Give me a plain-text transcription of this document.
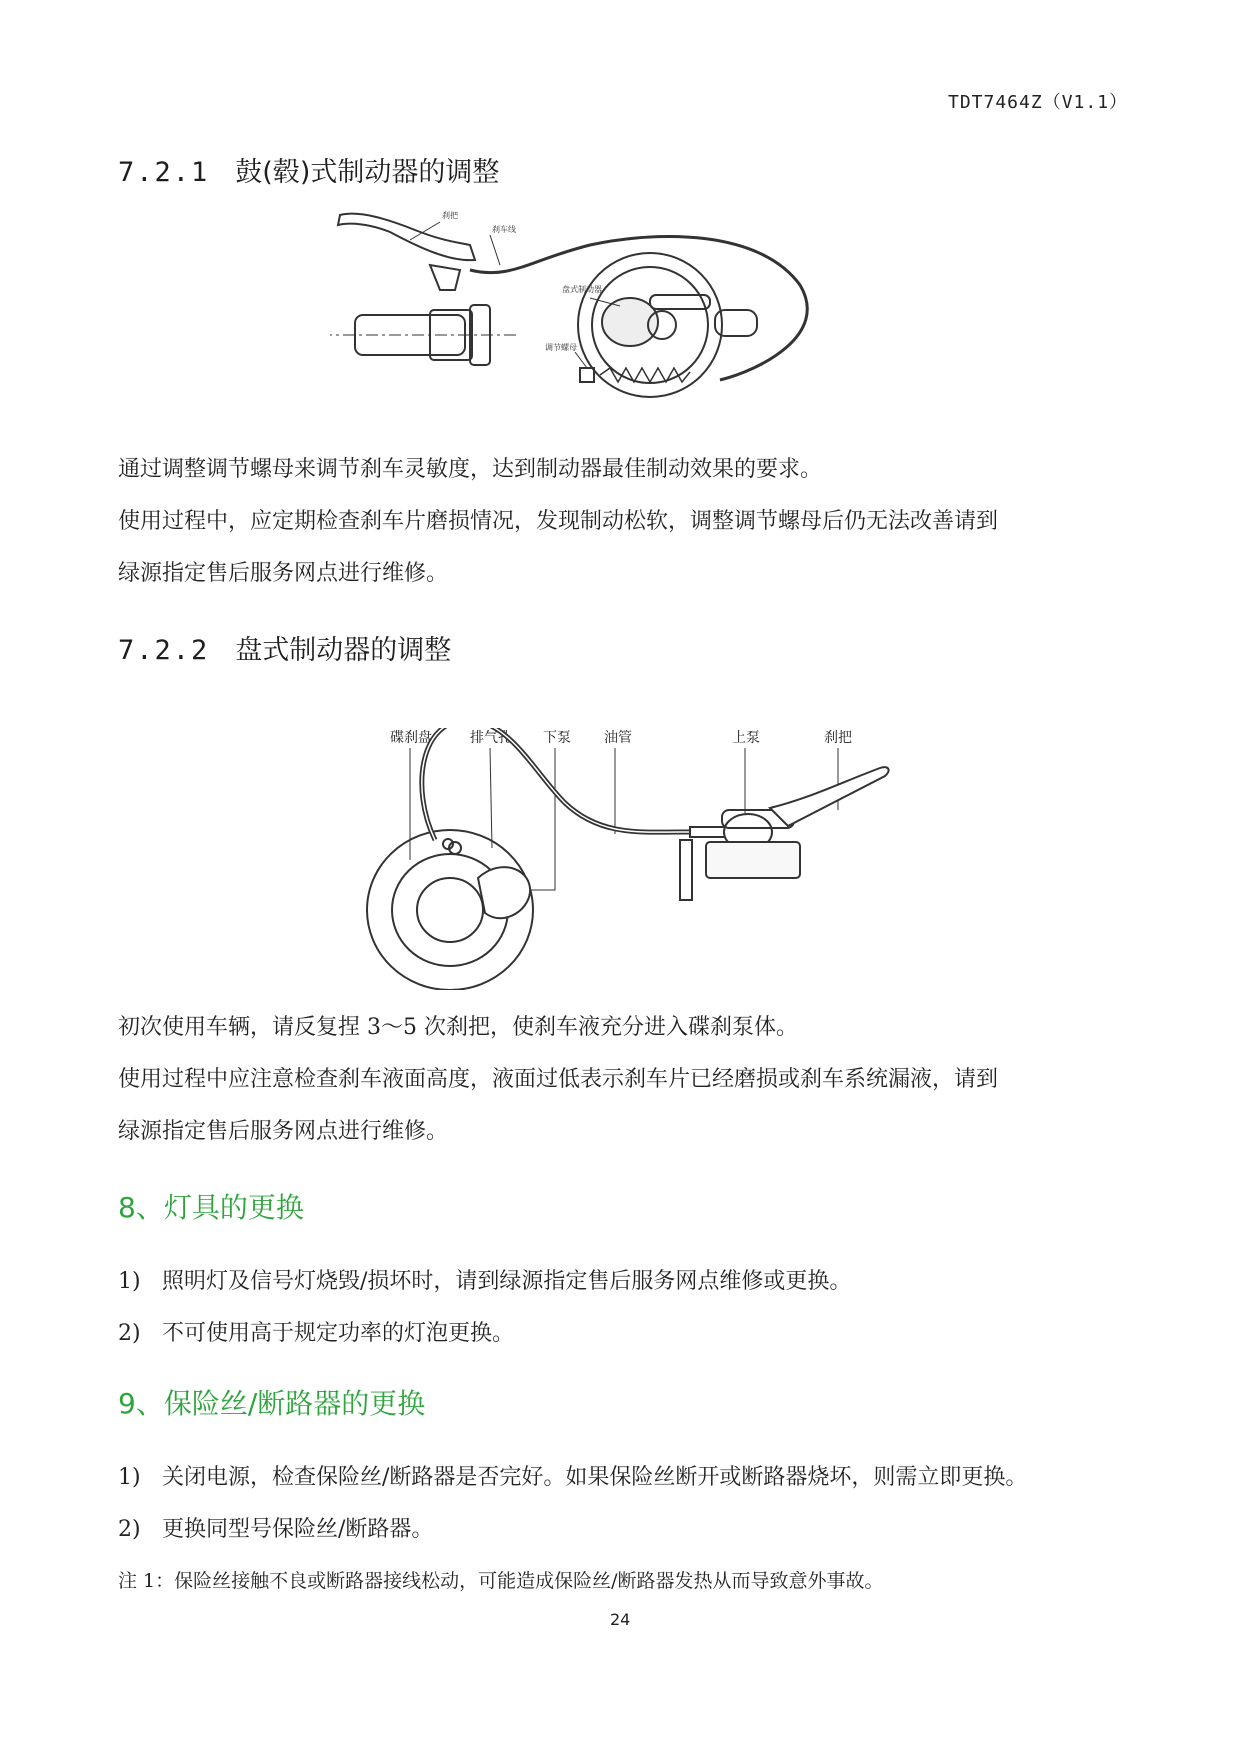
TDT7464Z（V1.1）
7.2.1 鼓(毂)式制动器的调整
刹把
刹车线
盘式制动器
调节螺母
通过调整调节螺母来调节刹车灵敏度，达到制动器最佳制动效果的要求。
使用过程中，应定期检查刹车片磨损情况，发现制动松软，调整调节螺母后仍无法改善请到
绿源指定售后服务网点进行维修。
7.2.2 盘式制动器的调整
碟刹盘	排气孔 下泵 油管	上泵	刹把
初次使用车辆，请反复捏 3～5 次刹把，使刹车液充分进入碟刹泵体。
使用过程中应注意检查刹车液面高度，液面过低表示刹车片已经磨损或刹车系统漏液，请到
绿源指定售后服务网点进行维修。
8、灯具的更换
1) 照明灯及信号灯烧毁/损坏时，请到绿源指定售后服务网点维修或更换。
2) 不可使用高于规定功率的灯泡更换。
9、保险丝/断路器的更换
1) 关闭电源，检查保险丝/断路器是否完好。如果保险丝断开或断路器烧坏，则需立即更换。
2) 更换同型号保险丝/断路器。
注 1：保险丝接触不良或断路器接线松动，可能造成保险丝/断路器发热从而导致意外事故。
24
